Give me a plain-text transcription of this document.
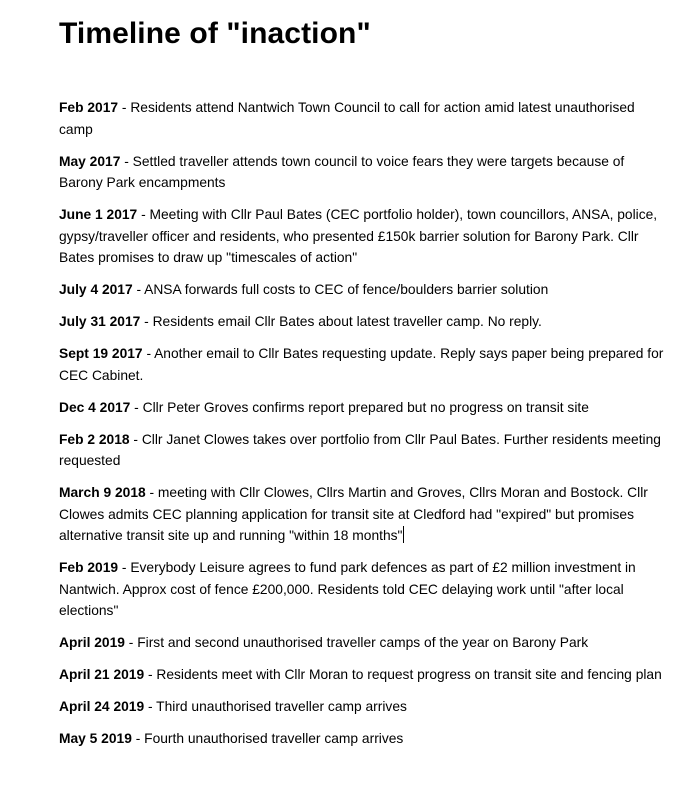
Timeline of "inaction"
Feb 2017 - Residents attend Nantwich Town Council to call for action amid latest unauthorised camp
May 2017 - Settled traveller attends town council to voice fears they were targets because of Barony Park encampments
June 1 2017 - Meeting with Cllr Paul Bates (CEC portfolio holder), town councillors, ANSA, police, gypsy/traveller officer and residents, who presented £150k barrier solution for Barony Park. Cllr Bates promises to draw up "timescales of action"
July 4 2017 - ANSA forwards full costs to CEC of fence/boulders barrier solution
July 31 2017 - Residents email Cllr Bates about latest traveller camp. No reply.
Sept 19 2017 - Another email to Cllr Bates requesting update. Reply says paper being prepared for CEC Cabinet.
Dec 4 2017 - Cllr Peter Groves confirms report prepared but no progress on transit site
Feb 2 2018 - Cllr Janet Clowes takes over portfolio from Cllr Paul Bates. Further residents meeting requested
March 9 2018 - meeting with Cllr Clowes, Cllrs Martin and Groves, Cllrs Moran and Bostock. Cllr Clowes admits CEC planning application for transit site at Cledford had "expired" but promises alternative transit site up and running "within 18 months"
Feb 2019 - Everybody Leisure agrees to fund park defences as part of £2 million investment in Nantwich. Approx cost of fence £200,000. Residents told CEC delaying work until "after local elections"
April 2019 - First and second unauthorised traveller camps of the year on Barony Park
April 21 2019 - Residents meet with Cllr Moran to request progress on transit site and fencing plan
April 24 2019 - Third unauthorised traveller camp arrives
May 5 2019 - Fourth unauthorised traveller camp arrives
